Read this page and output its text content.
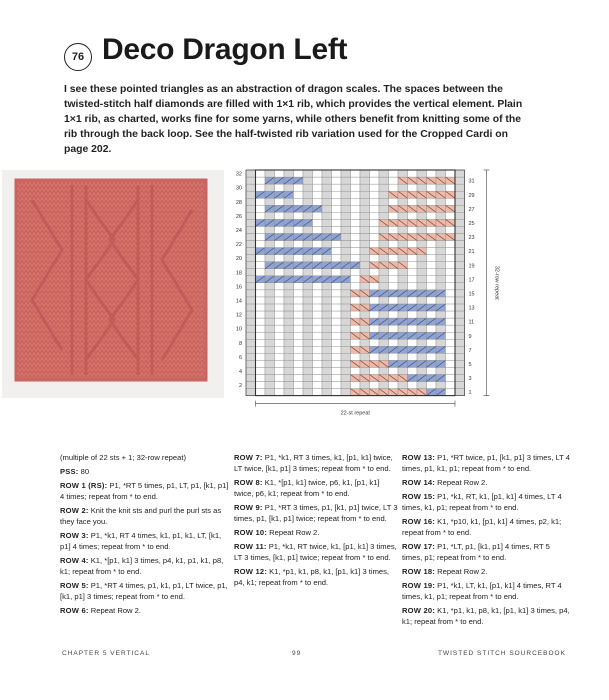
76 Deco Dragon Left
I see these pointed triangles as an abstraction of dragon scales. The spaces between the twisted-stitch half diamonds are filled with 1×1 rib, which provides the vertical element. Plain 1×1 rib, as charted, works fine for some yarns, while others benefit from knitting some of the rib through the back loop. See the half-twisted rib variation used for the Cropped Cardi on page 202.
32
30
28
26
24
22
20
18
16
14
12
10
8
6
4
2
31
29
27
25
23
21
19
17
15
13
11
9
7
5
3
1
22-st repeat
32-row repeat

(multiple of 22 sts + 1; 32-row repeat)

PSS: 80

ROW 1 (RS): P1, *RT 5 times, p1, LT, p1, [k1, p1] 4 times; repeat from * to end.

ROW 2: Knit the knit sts and purl the purl sts as they face you.

ROW 3: P1, *k1, RT 4 times, k1, p1, k1, LT, [k1, p1] 4 times; repeat from * to end.

ROW 4: K1, *[p1, k1] 3 times, p4, k1, p1, k1, p8, k1; repeat from * to end.

ROW 5: P1, *RT 4 times, p1, k1, p1, LT twice, p1, [k1, p1] 3 times; repeat from * to end.

ROW 6: Repeat Row 2.

ROW 7: P1, *k1, RT 3 times, k1, [p1, k1] twice, LT twice, [k1, p1] 3 times; repeat from * to end.

ROW 8: K1, *[p1, k1] twice, p6, k1, [p1, k1] twice, p6, k1; repeat from * to end.

ROW 9: P1, *RT 3 times, p1, [k1, p1] twice, LT 3 times, p1, [k1, p1] twice; repeat from * to end.

ROW 10: Repeat Row 2.

ROW 11: P1, *k1, RT twice, k1, [p1, k1] 3 times, LT 3 times, [k1, p1] twice; repeat from * to end.

ROW 12: K1, *p1, k1, p8, k1, [p1, k1] 3 times, p4, k1; repeat from * to end.

ROW 13: P1, *RT twice, p1, [k1, p1] 3 times, LT 4 times, p1, k1, p1; repeat from * to end.

ROW 14: Repeat Row 2.

ROW 15: P1, *k1, RT, k1, [p1, k1] 4 times, LT 4 times, k1, p1; repeat from * to end.

ROW 16: K1, *p10, k1, [p1, k1] 4 times, p2, k1; repeat from * to end.

ROW 17: P1, *LT, p1, [k1, p1] 4 times, RT 5 times, p1; repeat from * to end.

ROW 18: Repeat Row 2.

ROW 19: P1, *k1, LT, k1, [p1, k1] 4 times, RT 4 times, k1, p1; repeat from * to end.

ROW 20: K1, *p1, k1, p8, k1, [p1, k1] 3 times, p4, k1; repeat from * to end.

CHAPTER 5 VERTICAL	99	TWISTED STITCH SOURCEBOOK
